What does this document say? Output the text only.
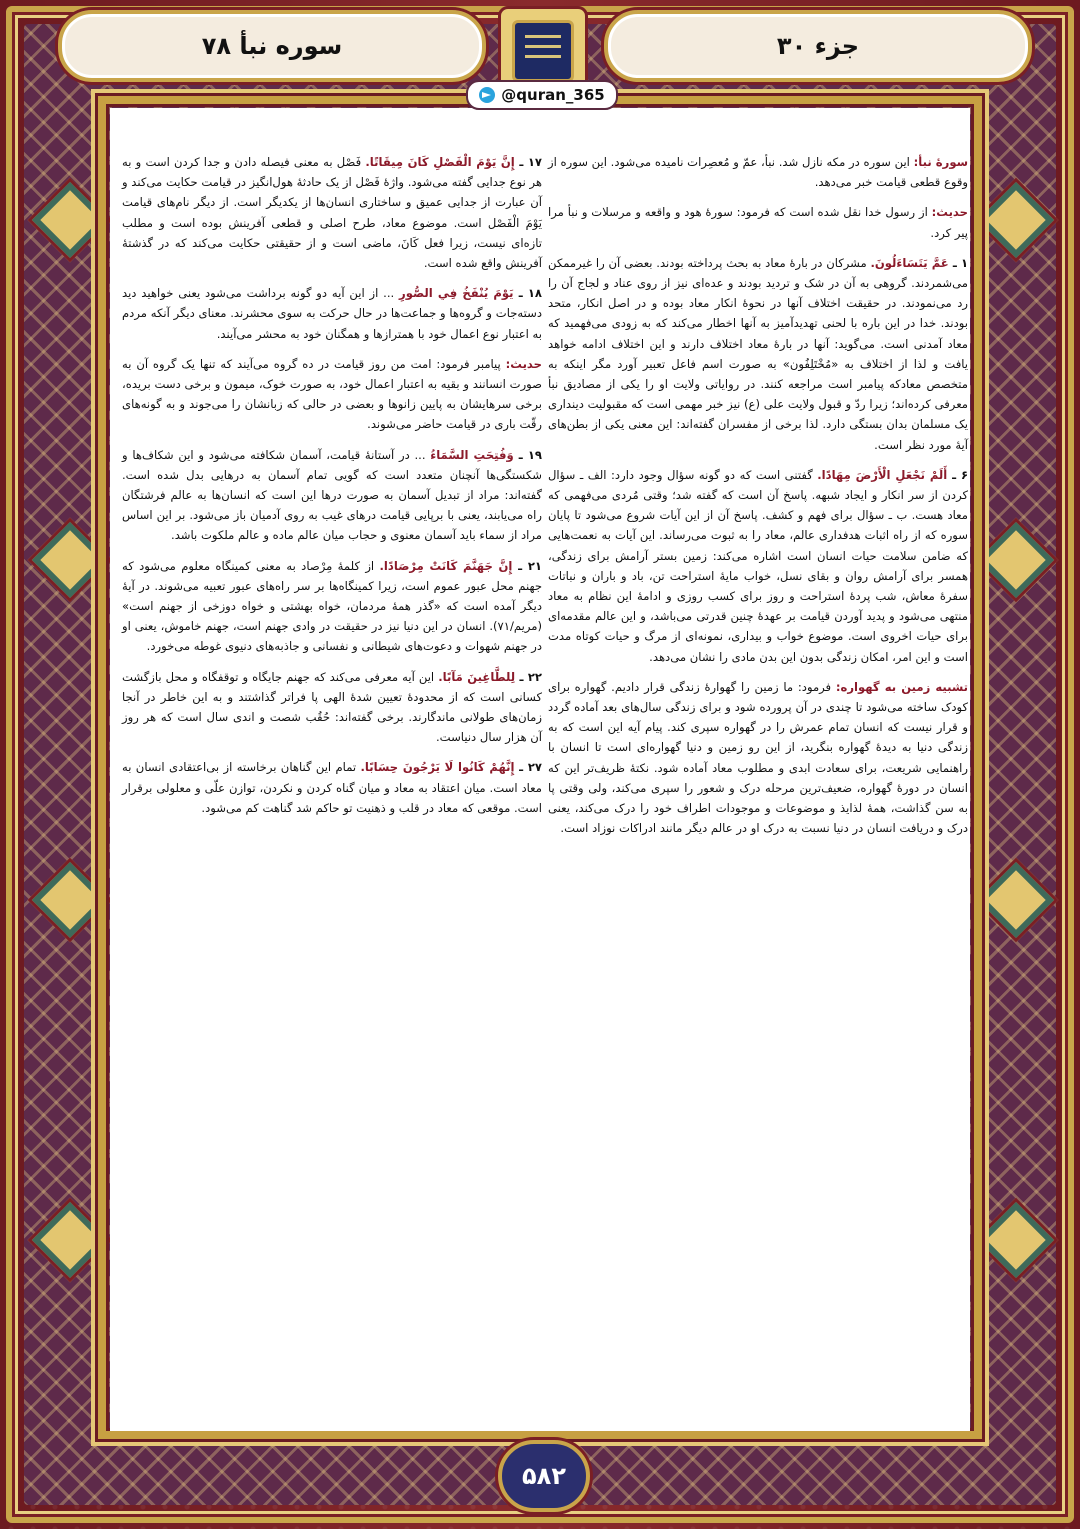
جزء ۳۰
سوره نبأ ۷۸
@quran_365

سورهٔ نبأ: این سوره در مکه نازل شد. نبأ، عمّ و مُعصِرات نامیده می‌شود. این سوره از وقوع قطعی قیامت خبر می‌دهد.

حدیث: از رسول خدا نقل شده است که فرمود: سورهٔ هود و واقعه و مرسلات و نبأ مرا پیر کرد.

۱ ـ عَمَّ يَتَسَاءَلُونَ. مشرکان در بارهٔ معاد به بحث پرداخته بودند. بعضی آن را غیرممکن می‌شمردند. گروهی به آن در شک و تردید بودند و عده‌ای نیز از روی عناد و لجاج آن را رد می‌نمودند. در حقیقت اختلاف آنها در نحوهٔ انکار معاد بوده و در اصل انکار، متحد بودند. خدا در این باره با لحنی تهدیدآمیز به آنها اخطار می‌کند که به زودی می‌فهمید که معاد آمدنی است. می‌گوید: آنها در بارهٔ معاد اختلاف دارند و این اختلاف ادامه خواهد یافت و لذا از اختلاف به «مُخْتَلِفُون» به صورت اسم فاعل تعبیر آورد مگر اینکه به متخصص معادکه پیامبر است مراجعه کنند. در روایاتی ولایت او را یکی از مصادیق نبأ معرفی کرده‌اند؛ زیرا ردّ و قبول ولایت علی (ع) نیز خبر مهمی است که مقبولیت دینداری یک مسلمان بدان بستگی دارد. لذا برخی از مفسران گفته‌اند: این معنی یکی از بطن‌های آیهٔ مورد نظر است.

۶ ـ أَلَمْ نَجْعَلِ الْأَرْضَ مِهَادًا. گفتنی است که دو گونه سؤال وجود دارد: الف ـ سؤال کردن از سر انکار و ایجاد شبهه. پاسخ آن است که گفته شد؛ وقتی مُردی می‌فهمی که معاد هست. ب ـ سؤال برای فهم و کشف. پاسخ آن از این آیات شروع می‌شود تا پایان سوره که از راه اثبات هدفداری عالم، معاد را به ثبوت می‌رساند. این آیات به نعمت‌هایی که ضامن سلامت حیات انسان است اشاره می‌کند: زمین بستر آرامش برای زندگی، همسر برای آرامش روان و بقای نسل، خواب مایهٔ استراحت تن، باد و باران و نباتات سفرهٔ معاش، شب پردهٔ استراحت و روز برای کسب روزی و ادامهٔ این نظام به معاد منتهی می‌شود و پدید آوردن قیامت بر عهدهٔ چنین قدرتی می‌باشد، و این عالم مقدمه‌ای برای حیات اخروی است. موضوع خواب و بیداری، نمونه‌ای از مرگ و حیات کوتاه مدت است و این امر، امکان زندگی بدون این بدن مادی را نشان می‌دهد.

تشبیه زمین به گهواره: فرمود: ما زمین را گهوارهٔ زندگی قرار دادیم. گهواره برای کودک ساخته می‌شود تا چندی در آن پرورده شود و برای زندگی سال‌های بعد آماده گردد و قرار نیست که انسان تمام عمرش را در گهواره سپری کند. پیام آیه این است که به زندگی دنیا به دیدهٔ گهواره بنگرید، از این رو زمین و دنیا گهواره‌ای است تا انسان با راهنمایی شریعت، برای سعادت ابدی و مطلوب معاد آماده شود. نکتهٔ ظریف‌تر این که انسان در دورهٔ گهواره، ضعیف‌ترین مرحله درک و شعور را سپری می‌کند، ولی وقتی پا به سن گذاشت، همهٔ لذایذ و موضوعات و موجودات اطراف خود را درک می‌کند، یعنی درک و دریافت انسان در دنیا نسبت به درک او در عالم دیگر مانند ادراکات نوزاد است.

۱۷ ـ إِنَّ يَوْمَ الْفَصْلِ كَانَ مِيقَاتًا. فَصْل به معنی فیصله دادن و جدا کردن است و به هر نوع جدایی گفته می‌شود. واژهٔ فَصْل از یک حادثهٔ هول‌انگیز در قیامت حکایت می‌کند و آن عبارت از جدایی عمیق و ساختاری انسان‌ها از یکدیگر است. از دیگر نام‌های قیامت يَوْمَ الْفَصْل است. موضوع معاد، طرح اصلی و قطعی آفرینش بوده است و مطلب تازه‌ای نیست، زیرا فعل كَانَ، ماضی است و از حقیقتی حکایت می‌کند که در گذشتهٔ آفرینش واقع شده است.

۱۸ ـ يَوْمَ يُنْفَخُ فِي الصُّورِ ... از این آیه دو گونه برداشت می‌شود یعنی خواهید دید دسته‌جات و گروه‌ها و جماعت‌ها در حال حرکت به سوی محشرند. معنای دیگر آنکه مردم به اعتبار نوع اعمال خود با همترازها و همگنان خود به محشر می‌آیند.

حدیث: پیامبر فرمود: امت من روز قیامت در ده گروه می‌آیند که تنها یک گروه آن به صورت انسانند و بقیه به اعتبار اعمال خود، به صورت خوک، میمون و برخی دست بریده، برخی سرهایشان به پایین زانوها و بعضی در حالی که زبانشان را می‌جوند و به گونه‌های رقّت باری در قیامت حاضر می‌شوند.

۱۹ ـ وَفُتِحَتِ السَّمَاءُ ... در آستانهٔ قیامت، آسمان شکافته می‌شود و این شکاف‌ها و شکستگی‌ها آنچنان متعدد است که گویی تمام آسمان به درهایی بدل شده است. گفته‌اند: مراد از تبدیل آسمان به صورت درها این است که انسان‌ها به عالم فرشتگان راه می‌یابند، یعنی با برپایی قیامت درهای غیب به روی آدمیان باز می‌شود. بر این اساس مراد از سماء باید آسمان معنوی و حجاب میان عالم ماده و عالم ملکوت باشد.

۲۱ ـ إِنَّ جَهَنَّمَ كَانَتْ مِرْصَادًا. از کلمهٔ مِرْصاد به معنی کمینگاه معلوم می‌شود که جهنم محل عبور عموم است، زیرا کمینگاه‌ها بر سر راه‌های عبور تعبیه می‌شوند. در آیهٔ دیگر آمده است که «گذر همهٔ مردمان، خواه بهشتی و خواه دوزخی از جهنم است» (مریم/۷۱). انسان در این دنیا نیز در حقیقت در وادی جهنم است، جهنم خاموش، یعنی او در جهنم شهوات و دعوت‌های شیطانی و نفسانی و جاذبه‌های دنیوی غوطه می‌خورد.

۲۲ ـ لِلطَّاغِينَ مَآبًا. این آیه معرفی می‌کند که جهنم جایگاه و توقفگاه و محل بازگشت کسانی است که از محدودهٔ تعیین شدهٔ الهی پا فراتر گذاشتند و به این خاطر در آنجا زمان‌های طولانی ماندگارند. برخی گفته‌اند: حُقُب شصت و اندی سال است که هر روز آن هزار سال دنیاست.

۲۷ ـ إِنَّهُمْ كَانُوا لَا يَرْجُونَ حِسَابًا. تمام این گناهان برخاسته از بی‌اعتقادی انسان به معاد است. میان اعتقاد به معاد و میان گناه کردن و نکردن، توازن علّی و معلولی برقرار است. موقعی که معاد در قلب و ذهنیت تو حاکم شد گناهت کم می‌شود.

۵۸۲
